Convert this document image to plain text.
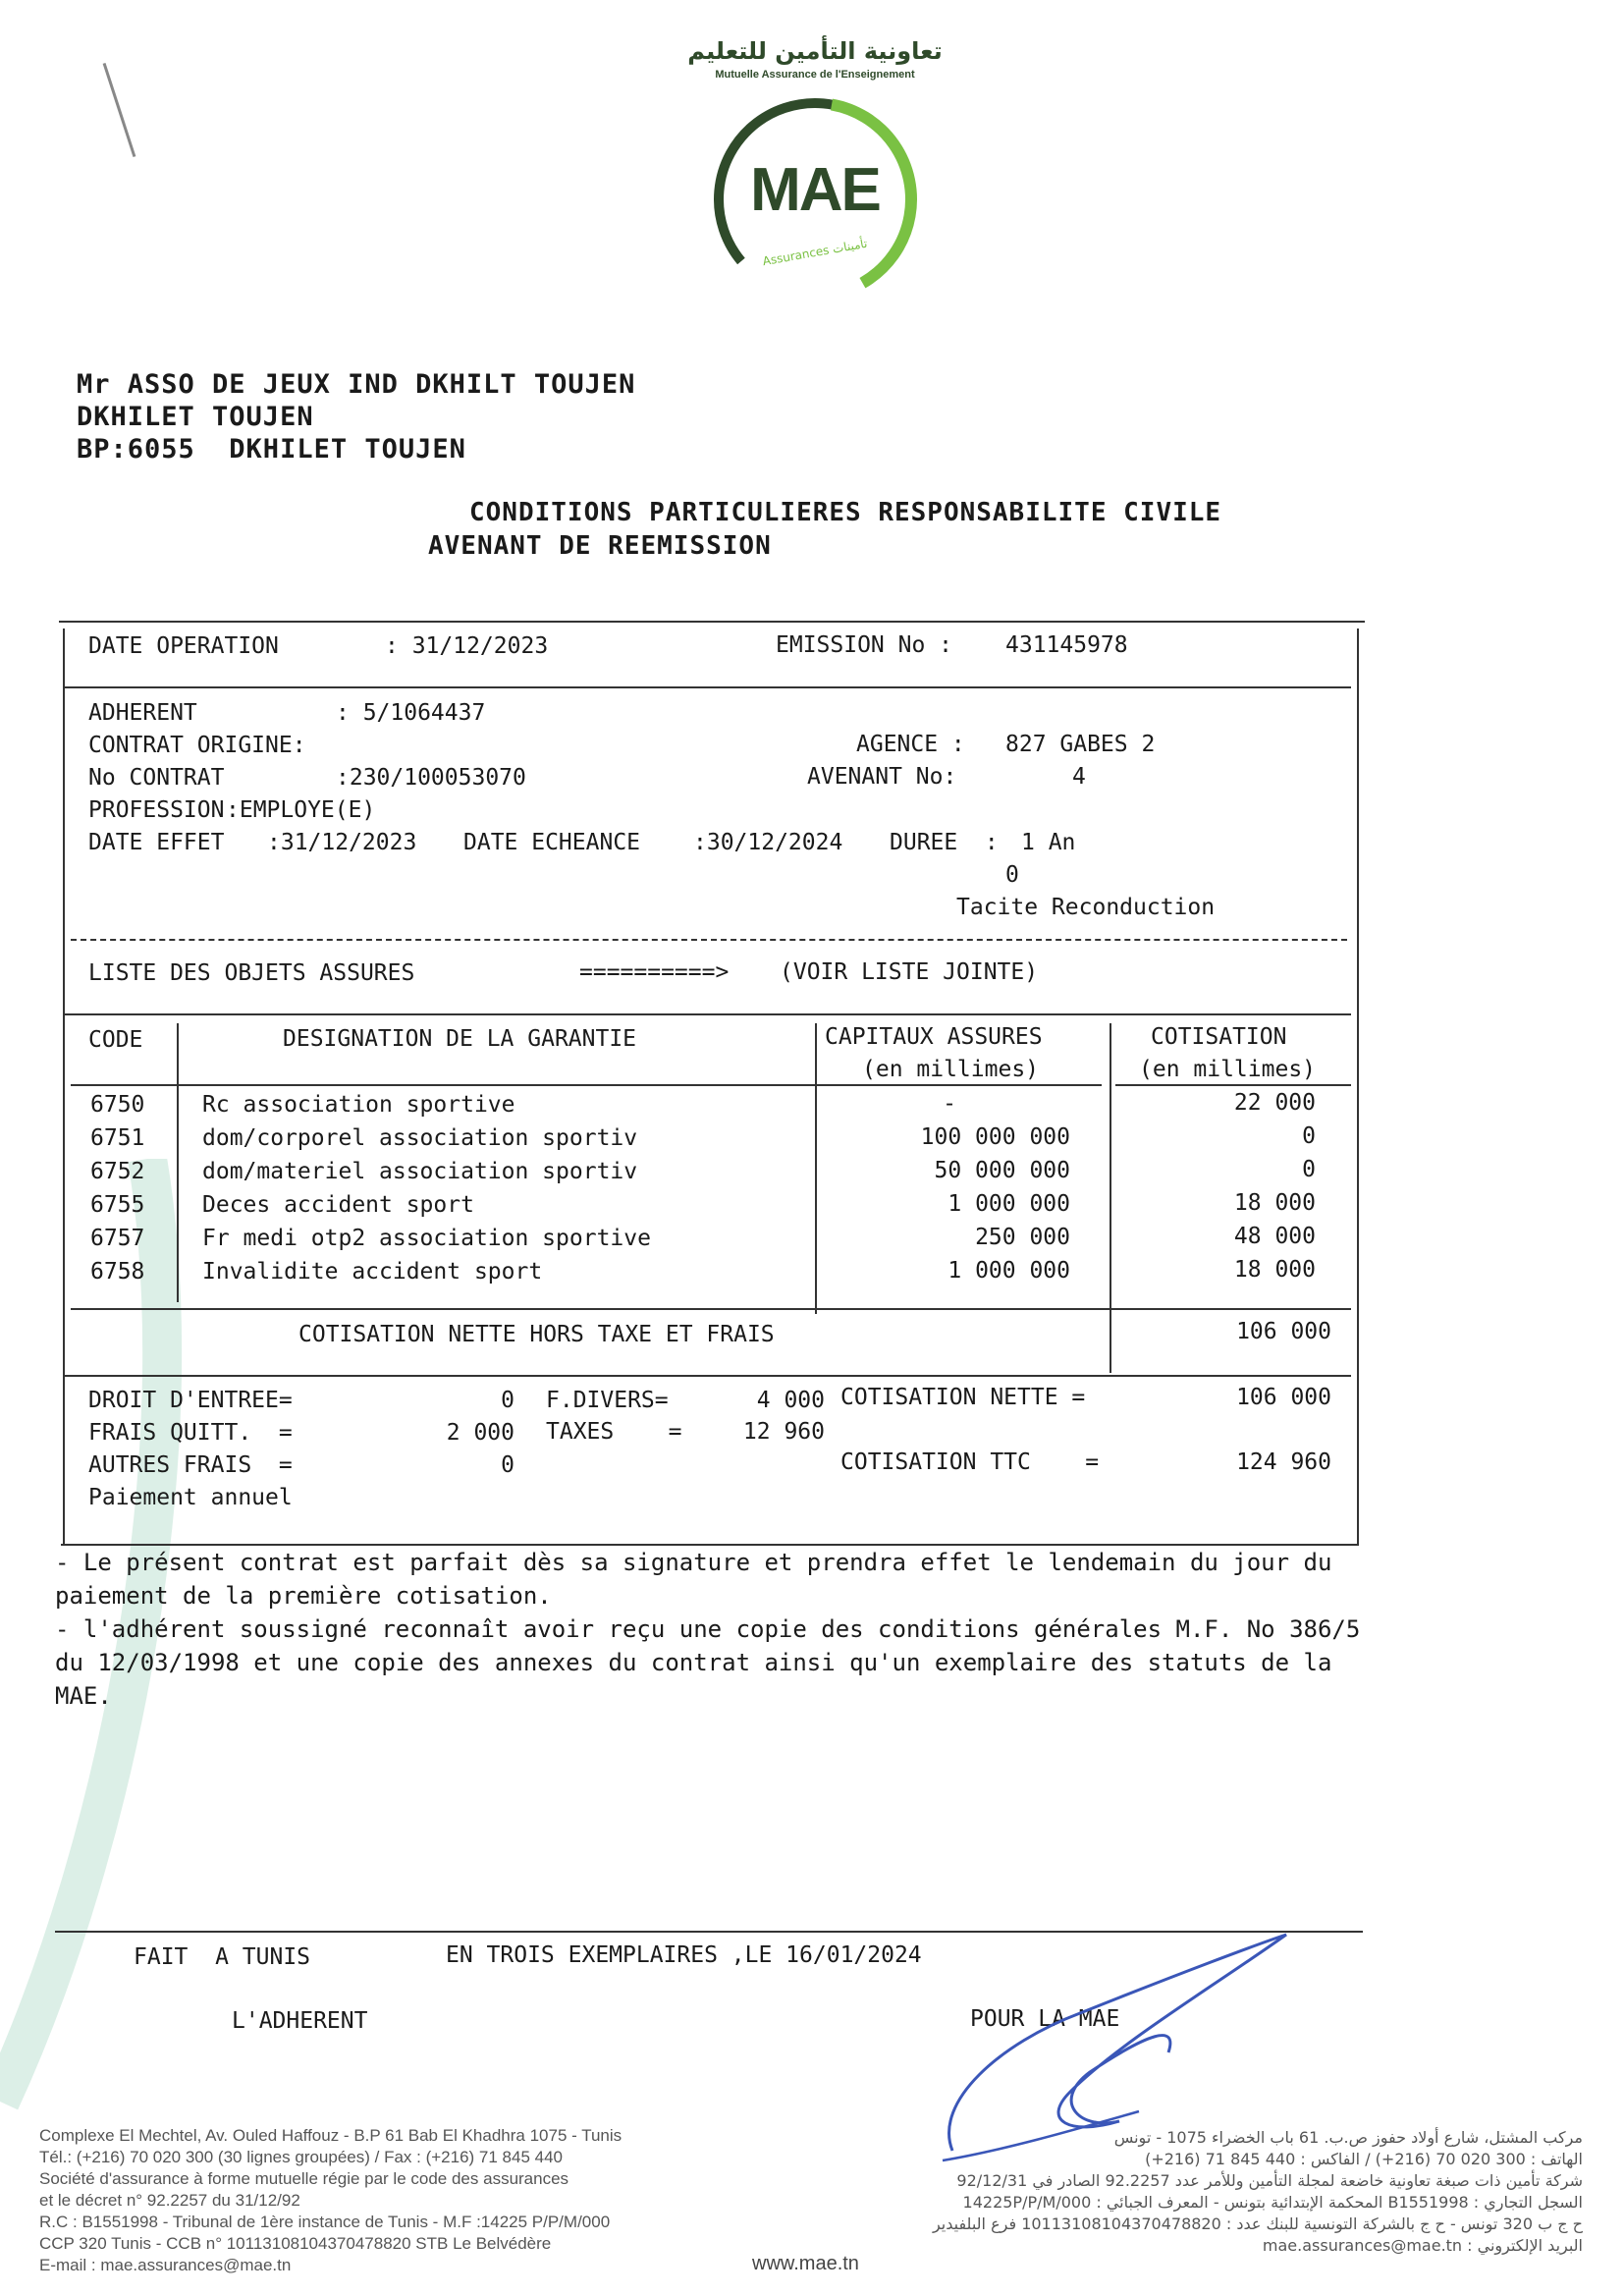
تعاونية التأمين للتعليم
Mutuelle Assurance de l'Enseignement
MAE
Assurances تأمينات
Mr ASSO DE JEUX IND DKHILT TOUJEN
DKHILET TOUJEN
BP:6055  DKHILET TOUJEN
CONDITIONS PARTICULIERES RESPONSABILITE CIVILE
AVENANT DE REEMISSION
DATE OPERATION	: 31/12/2023	EMISSION No : 431145978
ADHERENT	: 5/1064437
CONTRAT ORIGINE:	AGENCE : 827 GABES 2
No CONTRAT	:230/100053070	AVENANT No:	4
PROFESSION :EMPLOYE(E)
DATE EFFET :31/12/2023 DATE ECHEANCE :30/12/2024 DUREE  : 1 An
0
Tacite Reconduction
LISTE DES OBJETS ASSURES	==========> (VOIR LISTE JOINTE)
CODE	DESIGNATION DE LA GARANTIE	CAPITAUX ASSURES
(en millimes)
COTISATION
(en millimes)
6750	Rc association sportive	-	22 000
6751	dom/corporel association sportiv	100 000 000	0
6752	dom/materiel association sportiv	50 000 000	0
6755	Deces accident sport	1 000 000	18 000
6757	Fr medi otp2 association sportive	250 000	48 000
6758	Invalidite accident sport	1 000 000	18 000
COTISATION NETTE HORS TAXE ET FRAIS	106 000
DROIT D'ENTREE=	0 F.DIVERS=	4 000 COTISATION NETTE =	106 000
FRAIS QUITT.  =	2 000 TAXES    =	12 960
AUTRES FRAIS  =	0	COTISATION TTC    =	124 960
Paiement annuel
- Le présent contrat est parfait dès sa signature et prendra effet le lendemain du jour du paiement de la première cotisation.
- l'adhérent soussigné reconnaît avoir reçu une copie des conditions générales M.F. No 386/5 du 12/03/1998 et une copie des annexes du contrat ainsi qu'un exemplaire des statuts de la MAE.
FAIT  A TUNIS	EN TROIS EXEMPLAIRES ,LE 16/01/2024
L'ADHERENT	POUR LA MAE
Complexe El Mechtel, Av. Ouled Haffouz - B.P 61 Bab El Khadhra 1075 - Tunis
Tél.: (+216) 70 020 300 (30 lignes groupées) / Fax : (+216) 71 845 440
Société d'assurance à forme mutuelle régie par le code des assurances
et le décret n° 92.2257 du 31/12/92
R.C : B1551998 - Tribunal de 1ère instance de Tunis - M.F :14225 P/P/M/000
CCP 320 Tunis - CCB n° 10113108104370478820 STB Le Belvédère
E-mail : mae.assurances@mae.tn
مركب المشتل، شارع أولاد حفوز ص.ب. 61 باب الخضراء 1075 - تونس
الهاتف : 300 020 70 (216+) / الفاكس : 440 845 71 (216+)
شركة تأمين ذات صبغة تعاونية خاضعة لمجلة التأمين وللأمر عدد 92.2257 الصادر في 92/12/31
السجل التجاري : B1551998 المحكمة الإبتدائية بتونس - المعرف الجبائي : 14225P/P/M/000
ح ج ب 320 تونس - ح ج بالشركة التونسية للبنك عدد : 10113108104370478820 فرع البلفيدير
البريد الإلكتروني : mae.assurances@mae.tn
www.mae.tn
